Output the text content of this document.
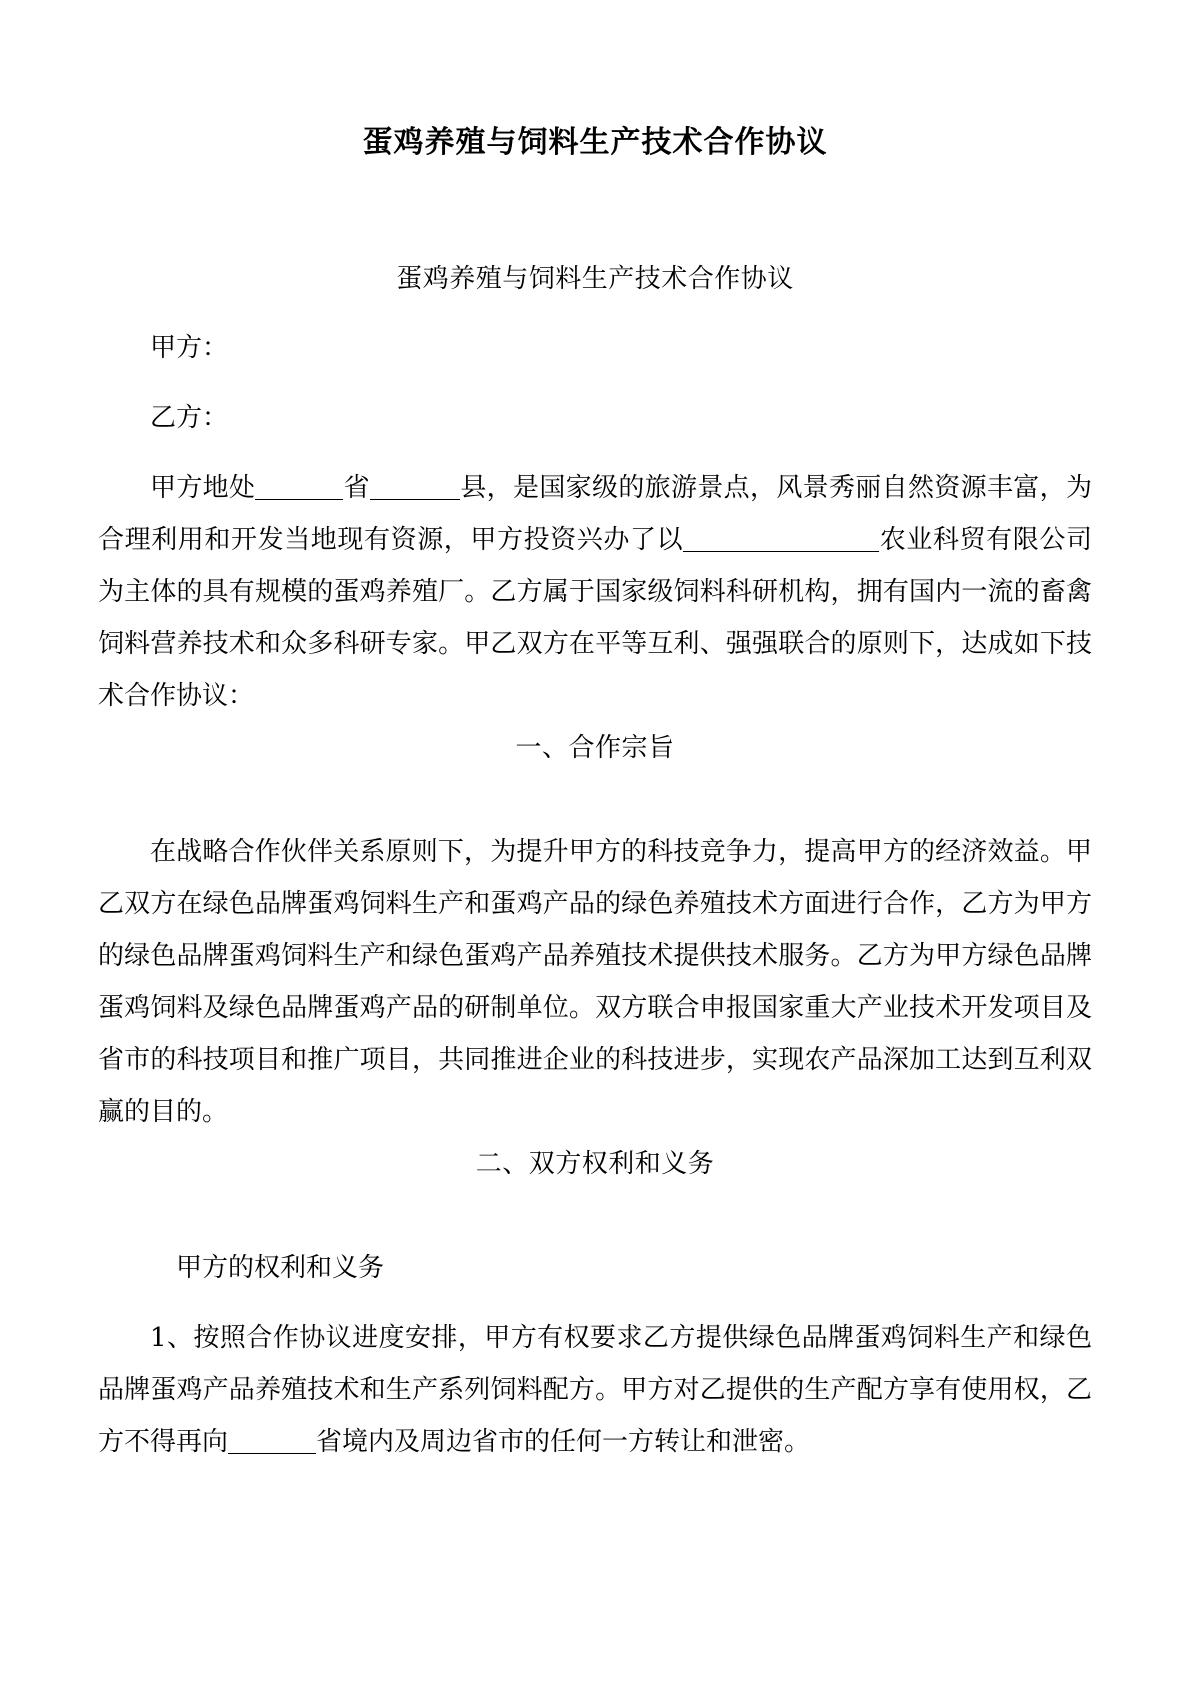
蛋鸡养殖与饲料生产技术合作协议

蛋鸡养殖与饲料生产技术合作协议

甲方：

乙方：

甲方地处	省	县，是国家级的旅游景点，风景秀丽自然资源丰富，为合理利用和开发当地现有资源，甲方投资兴办了以	农业科贸有限公司为主体的具有规模的蛋鸡养殖厂。乙方属于国家级饲料科研机构，拥有国内一流的畜禽饲料营养技术和众多科研专家。甲乙双方在平等互利、强强联合的原则下，达成如下技术合作协议：

一、合作宗旨

在战略合作伙伴关系原则下，为提升甲方的科技竞争力，提高甲方的经济效益。甲乙双方在绿色品牌蛋鸡饲料生产和蛋鸡产品的绿色养殖技术方面进行合作，乙方为甲方的绿色品牌蛋鸡饲料生产和绿色蛋鸡产品养殖技术提供技术服务。乙方为甲方绿色品牌蛋鸡饲料及绿色品牌蛋鸡产品的研制单位。双方联合申报国家重大产业技术开发项目及省市的科技项目和推广项目，共同推进企业的科技进步，实现农产品深加工达到互利双赢的目的。

二、双方权利和义务

甲方的权利和义务

1、按照合作协议进度安排，甲方有权要求乙方提供绿色品牌蛋鸡饲料生产和绿色品牌蛋鸡产品养殖技术和生产系列饲料配方。甲方对乙提供的生产配方享有使用权，乙方不得再向	省境内及周边省市的任何一方转让和泄密。
